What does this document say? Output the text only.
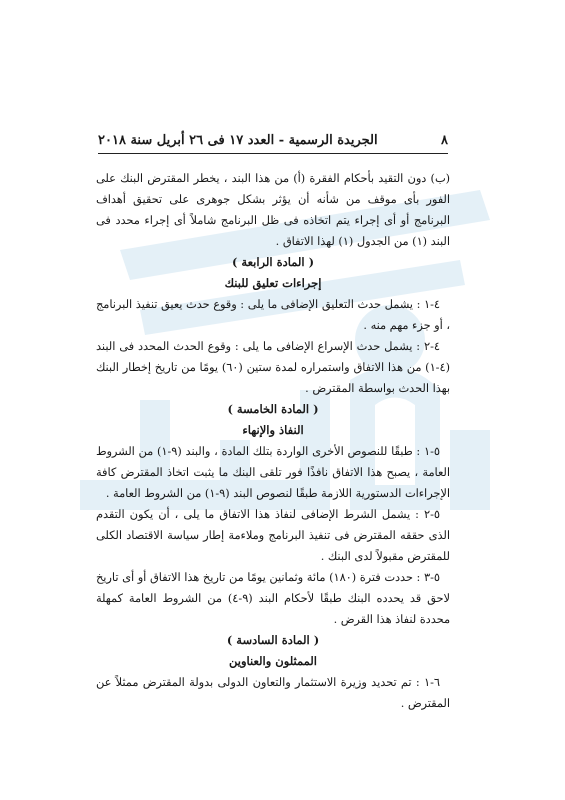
٨
الجريدة الرسمية - العدد ١٧ فى ٢٦ أبريل سنة ٢٠١٨

(ب) دون التقيد بأحكام الفقرة (أ) من هذا البند ، يخطر المقترض البنك على الفور بأى موقف من شأنه أن يؤثر بشكل جوهرى على تحقيق أهداف البرنامج أو أى إجراء يتم اتخاذه فى ظل البرنامج شاملاً أى إجراء محدد فى البند (١) من الجدول (١) لهذا الاتفاق .

( المادة الرابعة )

إجراءات تعليق للبنك

٤-١ : يشمل حدث التعليق الإضافى ما يلى : وقوع حدث يعيق تنفيذ البرنامج ، أو جزء مهم منه .

٤-٢ : يشمل حدث الإسراع الإضافى ما يلى : وقوع الحدث المحدد فى البند (٤-١) من هذا الاتفاق واستمراره لمدة ستين (٦٠) يومًا من تاريخ إخطار البنك بهذا الحدث بواسطة المقترض .

( المادة الخامسة )

النفاذ والإنهاء

٥-١ : طبقًا للنصوص الأخرى الواردة بتلك المادة ، والبند (٩-١) من الشروط العامة ، يصبح هذا الاتفاق نافذًا فور تلقى البنك ما يثبت اتخاذ المقترض كافة الإجراءات الدستورية اللازمة طبقًا لنصوص البند (٩-١) من الشروط العامة .

٥-٢ : يشمل الشرط الإضافى لنفاذ هذا الاتفاق ما يلى ، أن يكون التقدم الذى حققه المقترض فى تنفيذ البرنامج وملاءمة إطار سياسة الاقتصاد الكلى للمقترض مقبولاً لدى البنك .

٥-٣ : حددت فترة (١٨٠) مائة وثمانين يومًا من تاريخ هذا الاتفاق أو أى تاريخ لاحق قد يحدده البنك طبقًا لأحكام البند (٩-٤) من الشروط العامة كمهلة محددة لنفاذ هذا القرض .

( المادة السادسة )

الممثلون والعناوين

٦-١ : تم تحديد وزيرة الاستثمار والتعاون الدولى بدولة المقترض ممثلاً عن المقترض .
